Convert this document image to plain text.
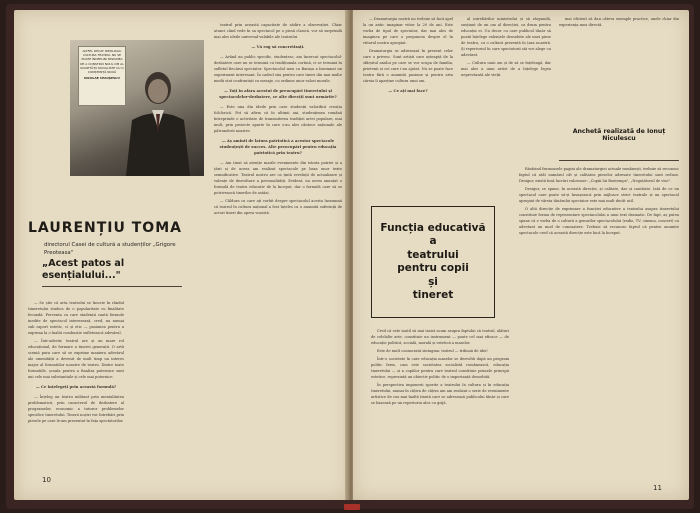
ALTFEL DECAT IDEOLOGIC CULTURA TEATRUL NU SE POATE ÎNDEPLINI MISIUNEA DE A CONSTRUI NOUL OM AL SOCIETĂȚII SOCIALISTE CU O CONȘTIINȚĂ NOUĂ
NICOLAE CEAUȘESCU
LAURENȚIU TOMA
directorul Casei de cultură a studenților „Grigore Preoteasa"
„Acest patos al esențialului..."

— Se știe că arta teatrului se înscrie în rândul timeretului studios de o popularitate cu finalitate fecundă. Ferventa cu care studenții caută formule inedite de spectacol interesează, cred, nu numai sub raport estetic, ci și etic — pasiunea pentru a exprima la o înaltă combustie sufletească adevărul.

— Într-adevăr, teatrul are și un mare rol educațional, de formare a tinerei generații. O artă sceniă pura care să se exprime maniera adevărul ale omenității a devenit de mult timp un interes major al formatiilor noastre de teatru. Dintre toate formatiile, școala pentru a finaliza puternice sunt ani cele mai substantiale și cele mai puternice.

— Ce înțelegeți prin această formulă?

— Înțeleg un teatru militant prin mentalitatea problematicii, prin caracterul de dezbatere al programelor, economic a tuturor problemelor specifice tineretului. Tinerii noștri vor întrebări prin piesele pe care le-am prezentat în fața spectatorilor.

teatrul prin această capacitate de sădire a observației. Chiar atunci când vede în sa spectacol pe o piesă clasică, vor să surprindă mai ales ideile universal-valabile ale teatrului.

— Vă rog să concretizați.

— Având un public specific, studențesc, am încercat spectacolul-dezbatere care nu se termină cu tradiționala cortină, ci se termină în sufletul fiecărui spectator. Spectacolul meu cu Barașa a însemnat un experiment interesant. În cadrul său pentru care tineri din mai multe medii stat confruntați cu mesaje, cu ordinea unor valori morale.

— Toți în afara acestui de preocupări tineretului și spectacolelor-dezbatere, ce alte direcții sunt urmărite?

— Este una din ideile prin care studenții valorifică creația folclorică. Pot să afirm că în ultimii ani, studențimea română întreprinde o activitate de transmiterea tradiției artei populare, mai mult, prin proiecte aparte în care s-au ales cântece naționale ale pătrunderii noastre.

— Aș aminti de latura patriotică a acestor spectacole studențești de succes. Alte preocupări pentru educația patriotică prin teatru?

— Am ținut să atenție marile evenimente din istoria patriei și a țării și de aceea am realizat spectacole pe baza unor texte semnificative. Teatrul nostru are ca țintă revelații de actualizare și valențe de dezvoltare a personalității. Evident, nu avem anunțat o formulă de teatru educativ de la început, dar o formulă care să se potrivească tinerilor de astăzi.

— Câldura cu care ați vorbit despre spectacolul acesta înseamnă că teatrul în cultura național a fost înțeles cu o anumită suferință de actori tineri din opera voastră.

10

— Dramaturgia nostră nu trebuie să facă apel la un antic imaginar viitor la 20 de ani. Este vorba de tipul de spectator, dar mai ales de imaginea pe care o propunem despre el în viitorul nostru apropiat.

Dramaturgia se adresează în prezent celor care o privesc. Sunt artiști care așteaptă de la sfârșitul anului pe care se vor ocupa de familia, prietenii și cei care i-au ajutat. Nu se poate face teatru fără o anumită pasiune și pentru arta căreia îi aparține cultura unui om.

— Ce ați mai face?

al intrebărilor ministrului și să răspundă, susținut de un om al direcției, ca drum pentru educația ei. Un decor cu care publicul tânăr să poată înțelege valențele deosebite ale unei piese de teatru, cu o cultură prezentă în țara noastră. Și repertoriul în care spectatorii săi vor alege cu adevărat.

— Cultura unui om și de să se înțeleagă, dar mai ales a unui artist de a înțelege legea neprevăzută ale vieții.

mai eficient să dau câteva exemple practice, unele chiar din experiența mea directă.

Anchetă realizată de Ionuț Niculescu
Funcția educativă
a
teatrului
pentru copii
și
tineret

Cred că este inutil să mai insist acum asupra faptului că teatrul, alături de celelalte arte, constituie un instrument — poate cel mai eficace — de educație politică, socială, morală și estetică a maselor.

Este de mult consacrată sintagma: teatrul — tribună de idei!

Într-o societate în care educația maselor se dezvoltă după un program politic ferm, cum este societatea socialistă românească, educația tineretului — și a copiilor pentru care teatrul constituie primele principii estetice, reprezintă un obiectiv politic de o importanță deosebită.

În perspectiva impunerii sporite a teatrului în cultura și în educația tineretului, numai în câțiva de câțiva ani am realizat o serie de evenimente artistice de cea mai înaltă ținută care se adresează publicului tânăr și care se bazează pe un repertoriu ales cu grijă.

Răsfoind frumoasele pagini ale dramaturgiei actuale românești, trebuie să recunosc faptul că atât numărul cât și calitatea pieselor adresate tineretului sunt reduse. Desigur, există însă lucrări valoroase: „Copiii lui Bontemps", „Neguțătorul de vise".

Desigur, se spune, în această direcție, și calitate, dar și cantitate. Iată de ce un spectacol care poate să-și însușească prin mijloace strict teatrale și un spectacol apropiat de vârsta tânărului spectator este mai mult decât util.

O altă direcție de exprimare a funcției educative a teatrului asupra tineretului constituie forma de reprezentare spectacolului a unui text dramatic. De fapt, aș putea spune că e vorba de o cultură a genurilor spectacolului (radio, TV, cinema, concert) cu adevărat un mod de cunoaștere. Trebuie să recunosc faptul că pentru anumite spectacole cred că această direcție este încă la început.

11
